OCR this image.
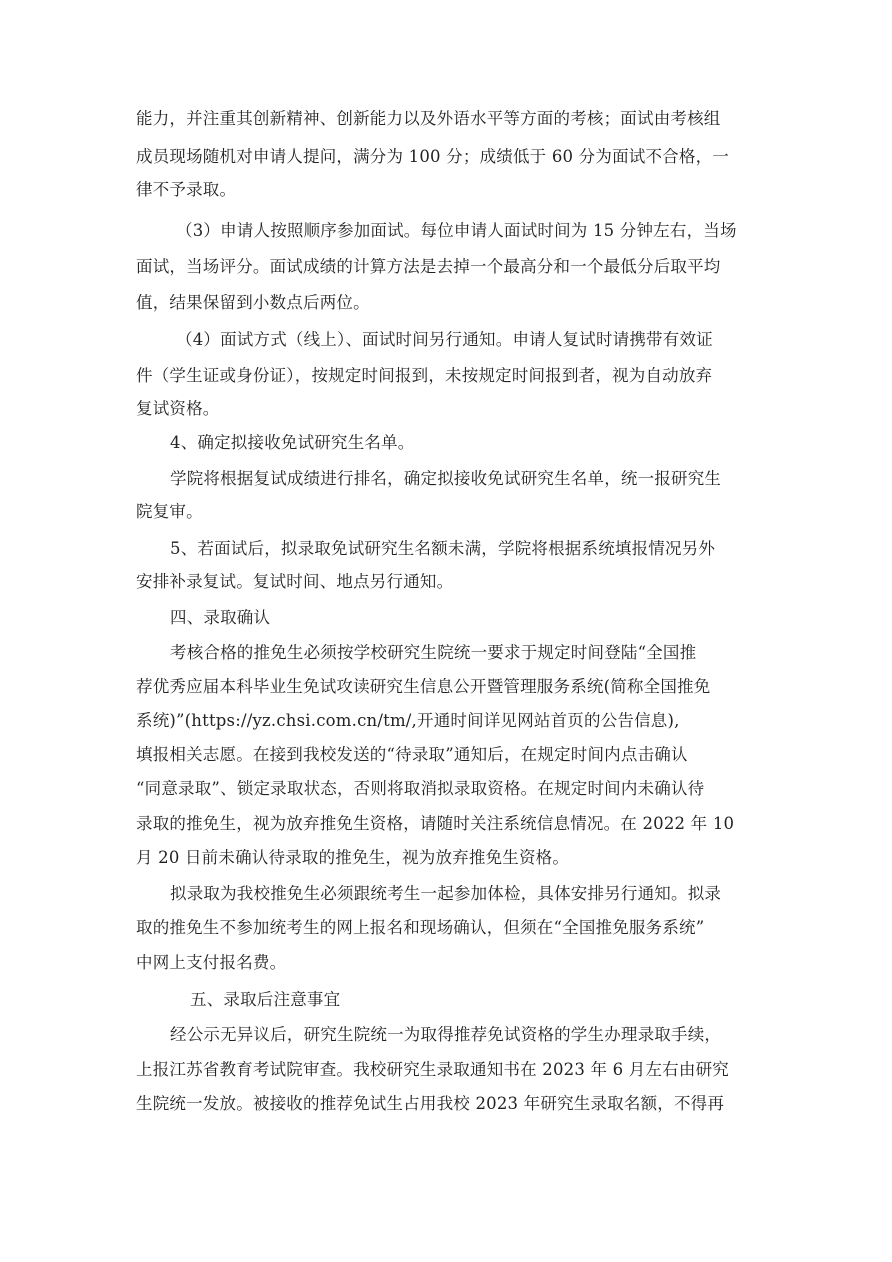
能力，并注重其创新精神、创新能力以及外语水平等方面的考核；面试由考核组
成员现场随机对申请人提问，满分为 100 分；成绩低于 60 分为面试不合格，一
律不予录取。
（3）申请人按照顺序参加面试。每位申请人面试时间为 15 分钟左右，当场
面试，当场评分。面试成绩的计算方法是去掉一个最高分和一个最低分后取平均
值，结果保留到小数点后两位。
（4）面试方式（线上）、面试时间另行通知。申请人复试时请携带有效证
件（学生证或身份证），按规定时间报到，未按规定时间报到者，视为自动放弃
复试资格。
4、确定拟接收免试研究生名单。
学院将根据复试成绩进行排名，确定拟接收免试研究生名单，统一报研究生
院复审。
5、若面试后，拟录取免试研究生名额未满，学院将根据系统填报情况另外
安排补录复试。复试时间、地点另行通知。
四、录取确认
考核合格的推免生必须按学校研究生院统一要求于规定时间登陆“全国推
荐优秀应届本科毕业生免试攻读研究生信息公开暨管理服务系统(简称全国推免
系统)”(https://yz.chsi.com.cn/tm/,开通时间详见网站首页的公告信息),
填报相关志愿。在接到我校发送的“待录取”通知后，在规定时间内点击确认
“同意录取”、锁定录取状态，否则将取消拟录取资格。在规定时间内未确认待
录取的推免生，视为放弃推免生资格，请随时关注系统信息情况。在 2022 年 10
月 20 日前未确认待录取的推免生，视为放弃推免生资格。
拟录取为我校推免生必须跟统考生一起参加体检，具体安排另行通知。拟录
取的推免生不参加统考生的网上报名和现场确认，但须在“全国推免服务系统”
中网上支付报名费。
五、录取后注意事宜
经公示无异议后，研究生院统一为取得推荐免试资格的学生办理录取手续，
上报江苏省教育考试院审查。我校研究生录取通知书在 2023 年 6 月左右由研究
生院统一发放。被接收的推荐免试生占用我校 2023 年研究生录取名额，不得再
